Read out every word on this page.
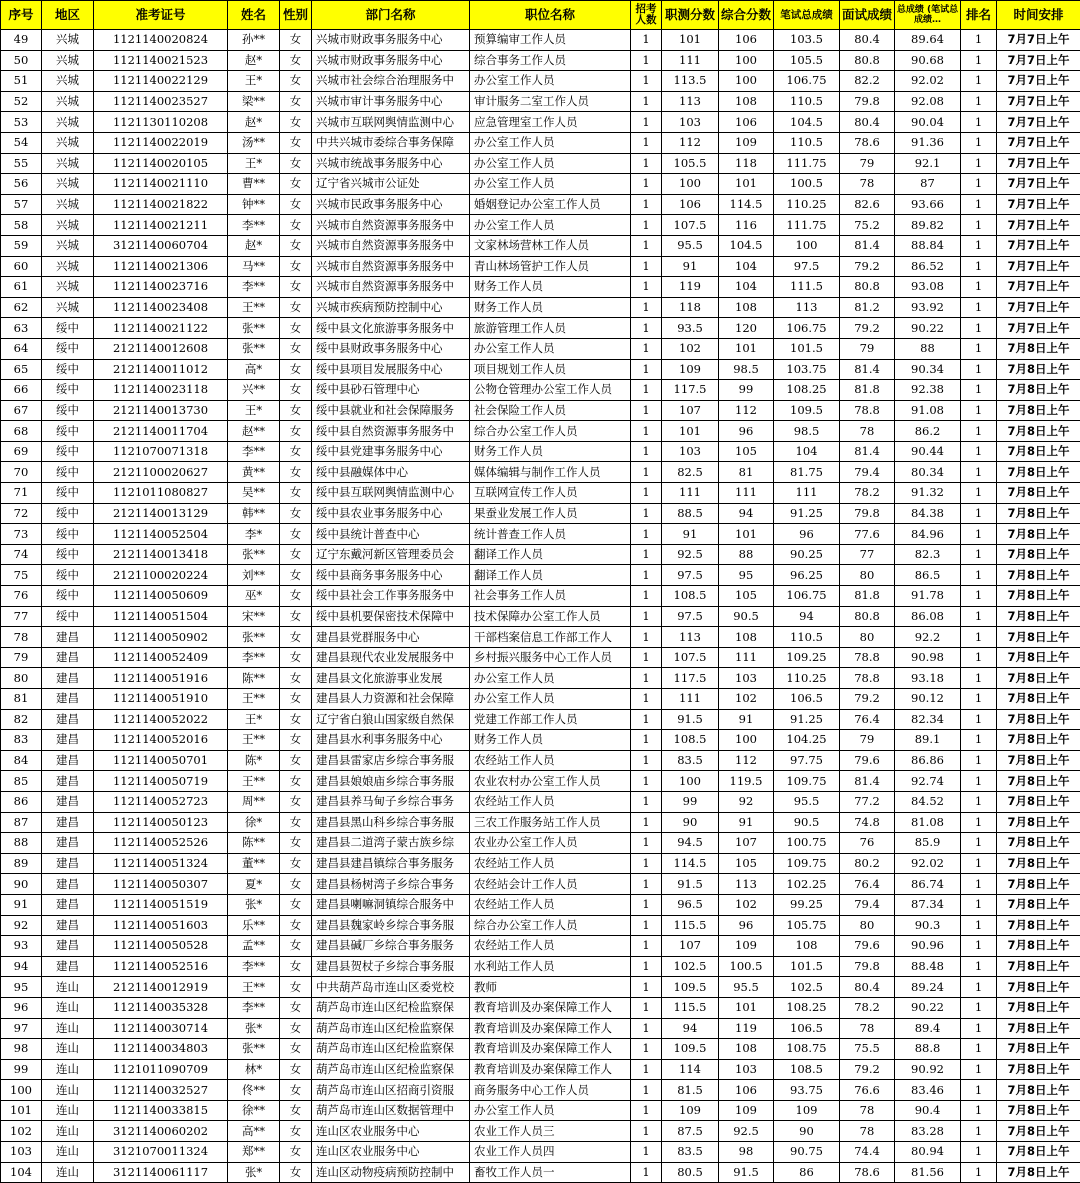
序号	地区	准考证号	姓名	性别	部门名称	职位名称	招考人数	职测分数	综合分数	笔试总成绩	面试成绩	总成绩 (笔试总成绩…	排名	时间安排
49	兴城	1121140020824	孙**	女	兴城市财政事务服务中心	预算编审工作人员	1	101	106	103.5	80.4	89.64	1	7月7日上午
50	兴城	1121140021523	赵*	女	兴城市财政事务服务中心	综合事务工作人员	1	111	100	105.5	80.8	90.68	1	7月7日上午
51	兴城	1121140022129	王*	女	兴城市社会综合治理服务中	办公室工作人员	1	113.5	100	106.75	82.2	92.02	1	7月7日上午
52	兴城	1121140023527	梁**	女	兴城市审计事务服务中心	审计服务二室工作人员	1	113	108	110.5	79.8	92.08	1	7月7日上午
53	兴城	1121130110208	赵*	女	兴城市互联网舆情监测中心	应急管理室工作人员	1	103	106	104.5	80.4	90.04	1	7月7日上午
54	兴城	1121140022019	汤**	女	中共兴城市委综合事务保障	办公室工作人员	1	112	109	110.5	78.6	91.36	1	7月7日上午
55	兴城	1121140020105	王*	女	兴城市统战事务服务中心	办公室工作人员	1	105.5	118	111.75	79	92.1	1	7月7日上午
56	兴城	1121140021110	曹**	女	辽宁省兴城市公证处	办公室工作人员	1	100	101	100.5	78	87	1	7月7日上午
57	兴城	1121140021822	钟**	女	兴城市民政事务服务中心	婚姻登记办公室工作人员	1	106	114.5	110.25	82.6	93.66	1	7月7日上午
58	兴城	1121140021211	李**	女	兴城市自然资源事务服务中	办公室工作人员	1	107.5	116	111.75	75.2	89.82	1	7月7日上午
59	兴城	3121140060704	赵*	女	兴城市自然资源事务服务中	文家林场营林工作人员	1	95.5	104.5	100	81.4	88.84	1	7月7日上午
60	兴城	1121140021306	马**	女	兴城市自然资源事务服务中	青山林场管护工作人员	1	91	104	97.5	79.2	86.52	1	7月7日上午
61	兴城	1121140023716	李**	女	兴城市自然资源事务服务中	财务工作人员	1	119	104	111.5	80.8	93.08	1	7月7日上午
62	兴城	1121140023408	王**	女	兴城市疾病预防控制中心	财务工作人员	1	118	108	113	81.2	93.92	1	7月7日上午
63	绥中	1121140021122	张**	女	绥中县文化旅游事务服务中	旅游管理工作人员	1	93.5	120	106.75	79.2	90.22	1	7月7日上午
64	绥中	2121140012608	张**	女	绥中县财政事务服务中心	办公室工作人员	1	102	101	101.5	79	88	1	7月8日上午
65	绥中	2121140011012	高*	女	绥中县项目发展服务中心	项目规划工作人员	1	109	98.5	103.75	81.4	90.34	1	7月8日上午
66	绥中	1121140023118	兴**	女	绥中县砂石管理中心	公物仓管理办公室工作人员	1	117.5	99	108.25	81.8	92.38	1	7月8日上午
67	绥中	2121140013730	王*	女	绥中县就业和社会保障服务	社会保险工作人员	1	107	112	109.5	78.8	91.08	1	7月8日上午
68	绥中	2121140011704	赵**	女	绥中县自然资源事务服务中	综合办公室工作人员	1	101	96	98.5	78	86.2	1	7月8日上午
69	绥中	1121070071318	李**	女	绥中县党建事务服务中心	财务工作人员	1	103	105	104	81.4	90.44	1	7月8日上午
70	绥中	2121100020627	黄**	女	绥中县融媒体中心	媒体编辑与制作工作人员	1	82.5	81	81.75	79.4	80.34	1	7月8日上午
71	绥中	1121011080827	吴**	女	绥中县互联网舆情监测中心	互联网宣传工作人员	1	111	111	111	78.2	91.32	1	7月8日上午
72	绥中	2121140013129	韩**	女	绥中县农业事务服务中心	果蚕业发展工作人员	1	88.5	94	91.25	79.8	84.38	1	7月8日上午
73	绥中	1121140052504	李*	女	绥中县统计普查中心	统计普查工作人员	1	91	101	96	77.6	84.96	1	7月8日上午
74	绥中	2121140013418	张**	女	辽宁东戴河新区管理委员会	翻译工作人员	1	92.5	88	90.25	77	82.3	1	7月8日上午
75	绥中	2121100020224	刘**	女	绥中县商务事务服务中心	翻译工作人员	1	97.5	95	96.25	80	86.5	1	7月8日上午
76	绥中	1121140050609	巫*	女	绥中县社会工作事务服务中	社会事务工作人员	1	108.5	105	106.75	81.8	91.78	1	7月8日上午
77	绥中	1121140051504	宋**	女	绥中县机要保密技术保障中	技术保障办公室工作人员	1	97.5	90.5	94	80.8	86.08	1	7月8日上午
78	建昌	1121140050902	张**	女	建昌县党群服务中心	干部档案信息工作部工作人	1	113	108	110.5	80	92.2	1	7月8日上午
79	建昌	1121140052409	李**	女	建昌县现代农业发展服务中	乡村振兴服务中心工作人员	1	107.5	111	109.25	78.8	90.98	1	7月8日上午
80	建昌	1121140051916	陈**	女	建昌县文化旅游事业发展	办公室工作人员	1	117.5	103	110.25	78.8	93.18	1	7月8日上午
81	建昌	1121140051910	王**	女	建昌县人力资源和社会保障	办公室工作人员	1	111	102	106.5	79.2	90.12	1	7月8日上午
82	建昌	1121140052022	王*	女	辽宁省白狼山国家级自然保	党建工作部工作人员	1	91.5	91	91.25	76.4	82.34	1	7月8日上午
83	建昌	1121140052016	王**	女	建昌县水利事务服务中心	财务工作人员	1	108.5	100	104.25	79	89.1	1	7月8日上午
84	建昌	1121140050701	陈*	女	建昌县雷家店乡综合事务服	农经站工作人员	1	83.5	112	97.75	79.6	86.86	1	7月8日上午
85	建昌	1121140050719	王**	女	建昌县娘娘庙乡综合事务服	农业农村办公室工作人员	1	100	119.5	109.75	81.4	92.74	1	7月8日上午
86	建昌	1121140052723	周**	女	建昌县养马甸子乡综合事务	农经站工作人员	1	99	92	95.5	77.2	84.52	1	7月8日上午
87	建昌	1121140050123	徐*	女	建昌县黑山科乡综合事务服	三农工作服务站工作人员	1	90	91	90.5	74.8	81.08	1	7月8日上午
88	建昌	1121140052526	陈**	女	建昌县二道湾子蒙古族乡综	农业办公室工作人员	1	94.5	107	100.75	76	85.9	1	7月8日上午
89	建昌	1121140051324	董**	女	建昌县建昌镇综合事务服务	农经站工作人员	1	114.5	105	109.75	80.2	92.02	1	7月8日上午
90	建昌	1121140050307	夏*	女	建昌县杨树湾子乡综合事务	农经站会计工作人员	1	91.5	113	102.25	76.4	86.74	1	7月8日上午
91	建昌	1121140051519	张*	女	建昌县喇嘛洞镇综合服务中	农经站工作人员	1	96.5	102	99.25	79.4	87.34	1	7月8日上午
92	建昌	1121140051603	乐**	女	建昌县魏家岭乡综合事务服	综合办公室工作人员	1	115.5	96	105.75	80	90.3	1	7月8日上午
93	建昌	1121140050528	孟**	女	建昌县碱厂乡综合事务服务	农经站工作人员	1	107	109	108	79.6	90.96	1	7月8日上午
94	建昌	1121140052516	李**	女	建昌县贺杖子乡综合事务服	水利站工作人员	1	102.5	100.5	101.5	79.8	88.48	1	7月8日上午
95	连山	2121140012919	王**	女	中共葫芦岛市连山区委党校	教师	1	109.5	95.5	102.5	80.4	89.24	1	7月8日上午
96	连山	1121140035328	李**	女	葫芦岛市连山区纪检监察保	教育培训及办案保障工作人	1	115.5	101	108.25	78.2	90.22	1	7月8日上午
97	连山	1121140030714	张*	女	葫芦岛市连山区纪检监察保	教育培训及办案保障工作人	1	94	119	106.5	78	89.4	1	7月8日上午
98	连山	1121140034803	张**	女	葫芦岛市连山区纪检监察保	教育培训及办案保障工作人	1	109.5	108	108.75	75.5	88.8	1	7月8日上午
99	连山	1121011090709	林*	女	葫芦岛市连山区纪检监察保	教育培训及办案保障工作人	1	114	103	108.5	79.2	90.92	1	7月8日上午
100	连山	1121140032527	佟**	女	葫芦岛市连山区招商引资服	商务服务中心工作人员	1	81.5	106	93.75	76.6	83.46	1	7月8日上午
101	连山	1121140033815	徐**	女	葫芦岛市连山区数据管理中	办公室工作人员	1	109	109	109	78	90.4	1	7月8日上午
102	连山	3121140060202	高**	女	连山区农业服务中心	农业工作人员三	1	87.5	92.5	90	78	83.28	1	7月8日上午
103	连山	3121070011324	郑**	女	连山区农业服务中心	农业工作人员四	1	83.5	98	90.75	74.4	80.94	1	7月8日上午
104	连山	3121140061117	张*	女	连山区动物疫病预防控制中	畜牧工作人员一	1	80.5	91.5	86	78.6	81.56	1	7月8日上午
